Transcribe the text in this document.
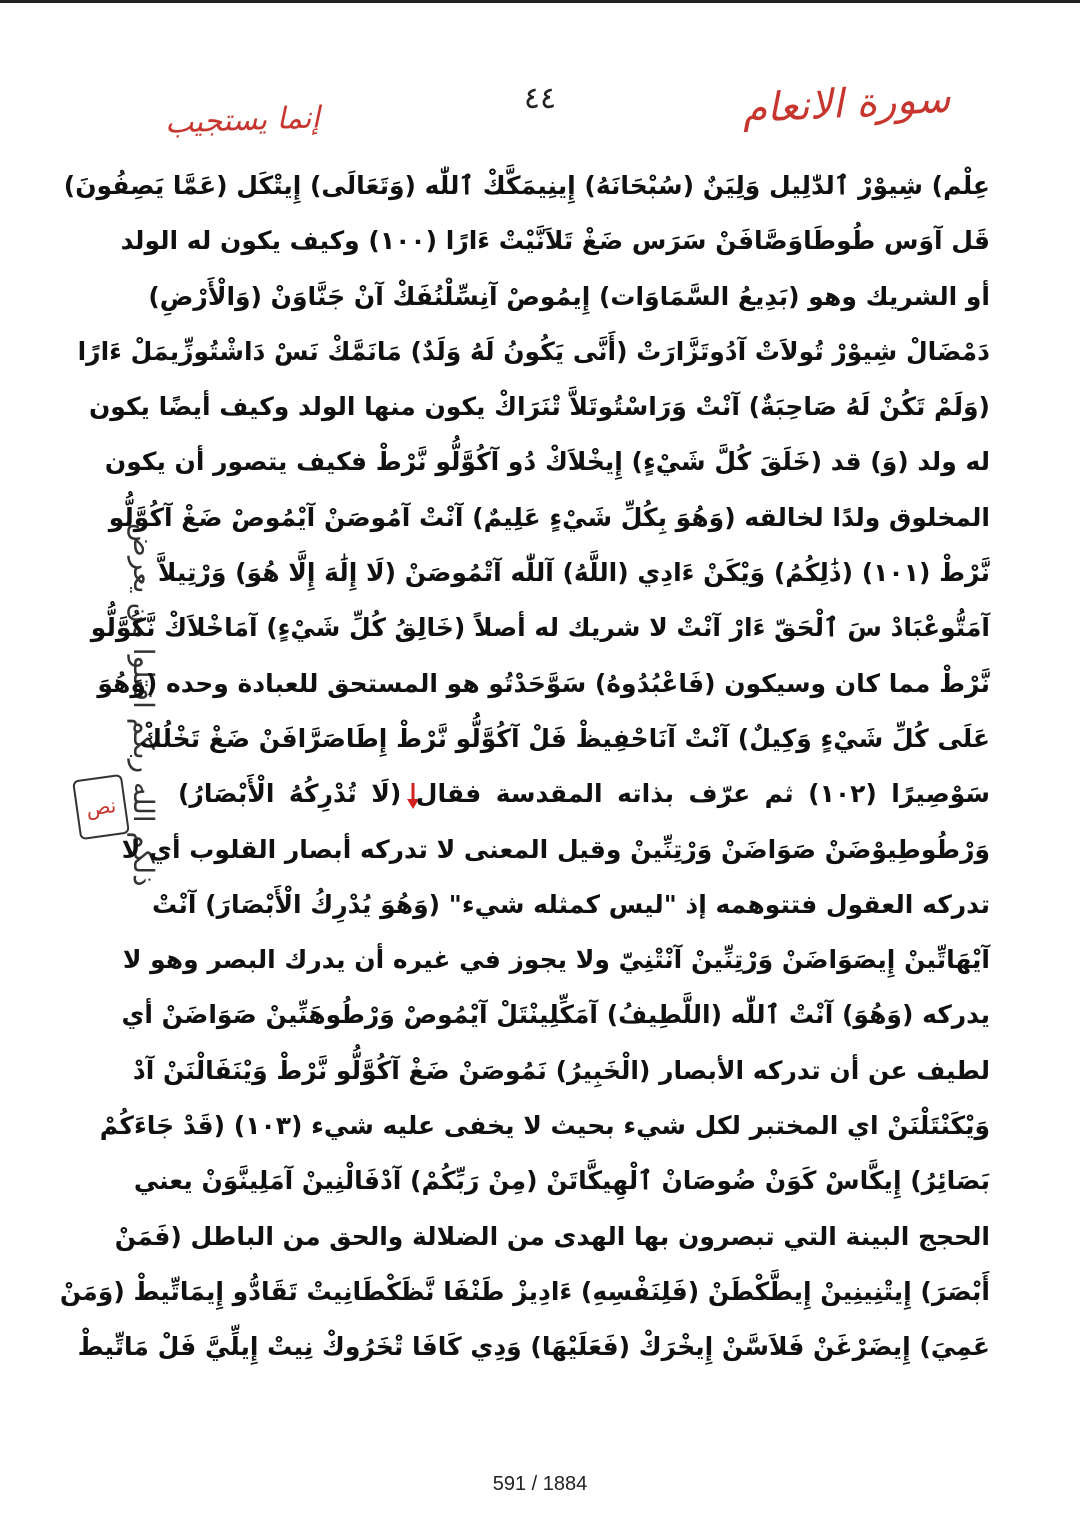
سورة الانعام
٤٤
إنما يستجيب
ذلكم الله ربكم اقتلوا من يعرض
نص
عِلْم) شِيوْرْ ٱلدّٰلِيل وَلِيَنٌ (سُبْحَانَهُ) إِينِيمَكَّكْ ٱللّٰه (وَتَعَالَى) إِيتْكَل (عَمَّا يَصِفُونَ)
قَل آوَس طُوطَاوَصَّافَنْ سَرَس ضَغْ تَلاَنَّيْتْ ءَارًا (١٠٠) وكيف يكون له الولد
أو الشريك وهو (بَدِيعُ السَّمَاوَات) إِيمُوصْ آنِسِّلْنُفَكْ آنْ جَنَّاوَنْ (وَالْأَرْضِ)
دَمْضَالْ شِيوْرْ تُولاَتْ آدُوتَزَّارَتْ (أَنَّى يَكُونُ لَهُ وَلَدٌ) مَانَمَّكْ نَسْ دَاشْتُوزِّيمَلْ ءَارًا
(وَلَمْ تَكُنْ لَهُ صَاحِبَةٌ) آنْتْ وَرَاسْتُوتَلاَّ تْنَرَاكْ يكون منها الولد وكيف أيضًا يكون
له ولد (وَ) قد (خَلَقَ كُلَّ شَيْءٍ) إِيخْلاَكْ دُو آكُوَّلُّو نَّرْطْ فكيف يتصور أن يكون
المخلوق ولدًا لخالقه (وَهُوَ بِكُلِّ شَيْءٍ عَلِيمٌ) آنْتْ آمُوصَنْ آيْمُوصْ ضَغْ آكُوَّلُّو
نَّرْطْ (١٠١) (ذَٰلِكُمُ) وَيْكَنْ ءَادِي (اللَّهُ) آللّٰه آتْمُوصَنْ (لَا إِلَٰهَ إِلَّا هُوَ) وَرْتِيلاَّ
آمَتُّوعْبَادْ سَ ٱلْحَقّ ءَارْ آنْتْ لا شريك له أصلاً (خَالِقُ كُلِّ شَيْءٍ) آمَاخْلاَكْ نَّكُوَّلُّو
نَّرْطْ مما كان وسيكون (فَاعْبُدُوهُ) سَوَّحَدْتُو هو المستحق للعبادة وحده (وَهُوَ
عَلَى كُلِّ شَيْءٍ وَكِيلٌ) آنْتْ آنَاحْفِيظْ فَلْ آكُوَّلُّو نَّرْطْ إِطَاصَرَّافَنْ ضَغْ تَخْلُكْ
سَوْصِيرًا (١٠٢) ثم عرّف بذاته المقدسة فقال (لَا تُدْرِكُهُ الْأَبْصَارُ)
وَرْطُوطِيوْضَنْ صَوَاضَنْ وَرْتِنِّينْ وقيل المعنى لا تدركه أبصار القلوب أي لا
تدركه العقول فتتوهمه إذ "ليس كمثله شيء" (وَهُوَ يُدْرِكُ الْأَبْصَارَ) آنْتْ
آيْهَاتِّينْ إِيصَوَاضَنْ وَرْتِنِّينْ آنْتْنِيّ ولا يجوز في غيره أن يدرك البصر وهو لا
يدركه (وَهُوَ) آنْتْ ٱللّٰه (اللَّطِيفُ) آمَكِّلِينْتَلْ آيْمُوصْ وَرْطُوهَنِّينْ صَوَاضَنْ أي
لطيف عن أن تدركه الأبصار (الْخَبِيرُ) نَمُوصَنْ ضَغْ آكُوَّلُّو نَّرْطْ وَيْنَفَالْنَنْ آدْ
وَيْكَنْتَلْنَنْ اي المختبر لكل شيء بحيث لا يخفى عليه شيء (١٠٣) (قَدْ جَاءَكُمْ
بَصَائِرُ) إِيكَّاسْ كَوَنْ ضُوصَانْ ٱلْهِيكَّاتَنْ (مِنْ رَبِّكُمْ) آدْفَالْنِينْ آمَلِينَّوَنْ يعني
الحجج البينة التي تبصرون بها الهدى من الضلالة والحق من الباطل (فَمَنْ
أَبْصَرَ) إِيتْنِينِينْ إِيطَّكْطَنْ (فَلِنَفْسِهِ) ءَادِيزْ طَنْفَا نَّظَكْطَانِيتْ تَقَادُّو إِيمَاتِّيطْ (وَمَنْ
عَمِيَ) إِيضَرْغَنْ فَلاَسَّنْ إِيخْرَكْ (فَعَلَيْهَا) وَدِي كَافَا تْخَرُوكْ نِيتْ إِيلِّيَّ فَلْ مَاتِّيطْ
591 / 1884
